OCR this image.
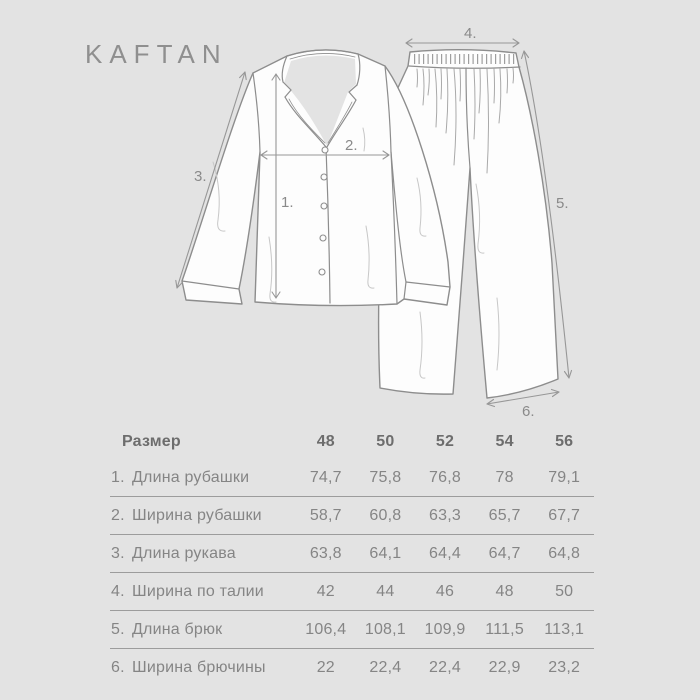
KAFTAN
1.
2.
3.
4.
5.
6.
Размер	48	50	52	54	56
1. Длина рубашки	74,7	75,8	76,8	78	79,1
2. Ширина рубашки	58,7	60,8	63,3	65,7	67,7
3. Длина рукава	63,8	64,1	64,4	64,7	64,8
4. Ширина по талии	42	44	46	48	50
5. Длина брюк	106,4	108,1	109,9	111,5	113,1
6. Ширина брючины	22	22,4	22,4	22,9	23,2
